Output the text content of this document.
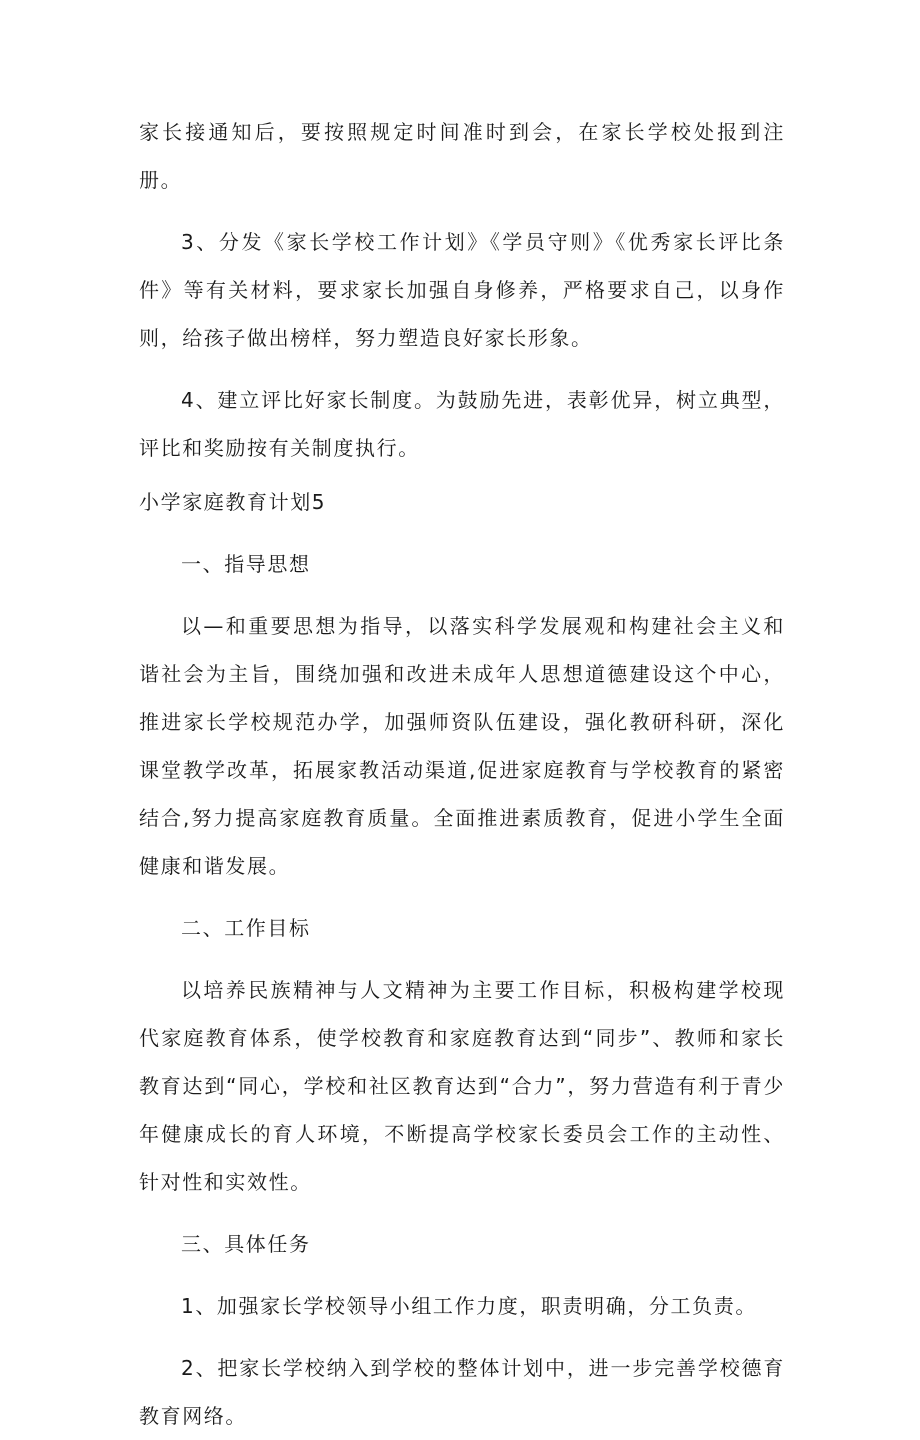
家长接通知后，要按照规定时间准时到会，在家长学校处报到注册。

3、分发《家长学校工作计划》《学员守则》《优秀家长评比条件》等有关材料，要求家长加强自身修养，严格要求自己，以身作则，给孩子做出榜样，努力塑造良好家长形象。

4、建立评比好家长制度。为鼓励先进，表彰优异，树立典型，评比和奖励按有关制度执行。

小学家庭教育计划5

一、指导思想

以—和重要思想为指导，以落实科学发展观和构建社会主义和谐社会为主旨，围绕加强和改进未成年人思想道德建设这个中心，推进家长学校规范办学，加强师资队伍建设，强化教研科研，深化课堂教学改革，拓展家教活动渠道,促进家庭教育与学校教育的紧密结合,努力提高家庭教育质量。全面推进素质教育，促进小学生全面健康和谐发展。

二、工作目标

以培养民族精神与人文精神为主要工作目标，积极构建学校现代家庭教育体系，使学校教育和家庭教育达到“同步”、教师和家长教育达到“同心，学校和社区教育达到“合力”，努力营造有利于青少年健康成长的育人环境，不断提高学校家长委员会工作的主动性、针对性和实效性。

三、具体任务

1、加强家长学校领导小组工作力度，职责明确，分工负责。

2、把家长学校纳入到学校的整体计划中，进一步完善学校德育教育网络。
